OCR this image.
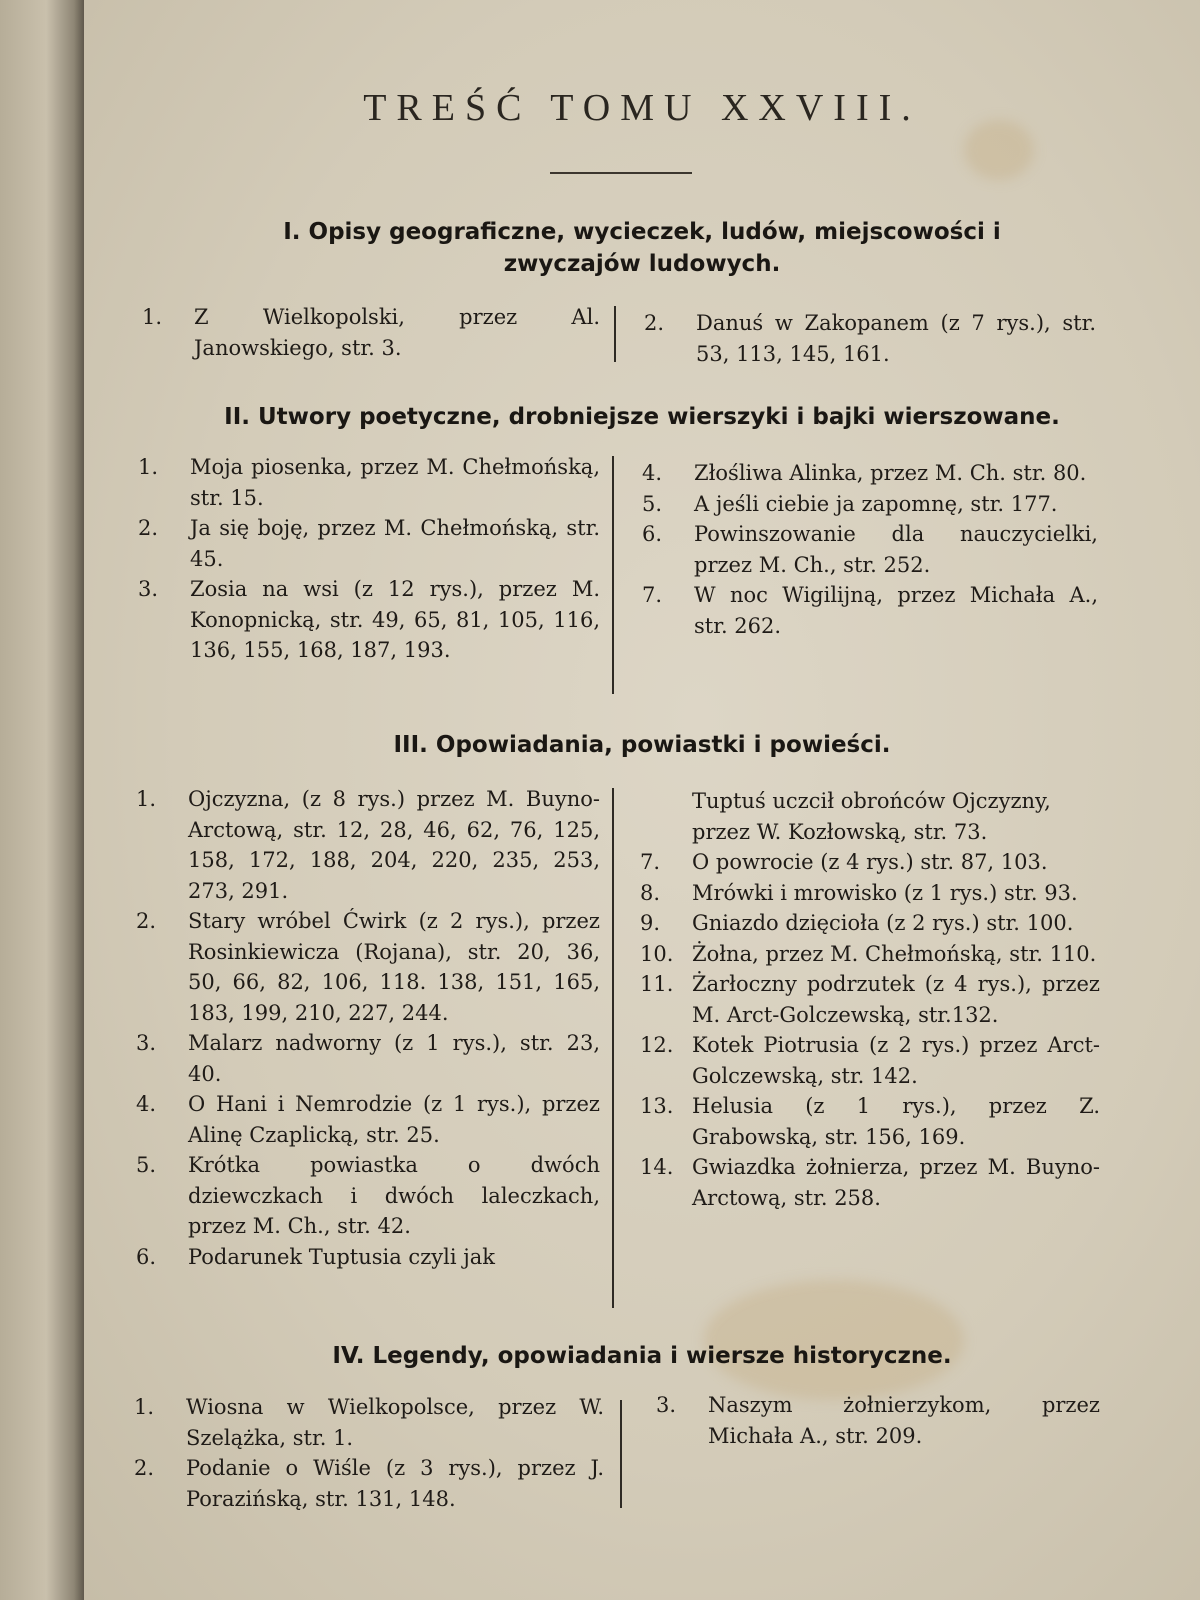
TREŚĆ TOMU XXVIII.
I. Opisy geograficzne, wycieczek, ludów, miejscowości i zwyczajów ludowych.
1.	Z Wielkopolski, przez Al. Janowskiego, str. 3.
2.	Danuś w Zakopanem (z 7 rys.), str. 53, 113, 145, 161.
II. Utwory poetyczne, drobniejsze wierszyki i bajki wierszowane.
1.	Moja piosenka, przez M. Chełmońską, str. 15.
2.	Ja się boję, przez M. Chełmońską, str. 45.
3.	Zosia na wsi (z 12 rys.), przez M. Konopnicką, str. 49, 65, 81, 105, 116, 136, 155, 168, 187, 193.
4.	Złośliwa Alinka, przez M. Ch. str. 80.
5.	A jeśli ciebie ja zapomnę, str. 177.
6.	Powinszowanie dla nauczycielki, przez M. Ch., str. 252.
7.	W noc Wigilijną, przez Michała A., str. 262.
III. Opowiadania, powiastki i powieści.
1.	Ojczyzna, (z 8 rys.) przez M. Buyno-Arctową, str. 12, 28, 46, 62, 76, 125, 158, 172, 188, 204, 220, 235, 253, 273, 291.
2.	Stary wróbel Ćwirk (z 2 rys.), przez Rosinkiewicza (Rojana), str. 20, 36, 50, 66, 82, 106, 118. 138, 151, 165, 183, 199, 210, 227, 244.
3.	Malarz nadworny (z 1 rys.), str. 23, 40.
4.	O Hani i Nemrodzie (z 1 rys.), przez Alinę Czaplicką, str. 25.
5.	Krótka powiastka o dwóch dziewczkach i dwóch laleczkach, przez M. Ch., str. 42.
6.	Podarunek Tuptusia czyli jak
Tuptuś uczcił obrońców Ojczyzny, przez W. Kozłowską, str. 73.
7.	O powrocie (z 4 rys.) str. 87, 103.
8.	Mrówki i mrowisko (z 1 rys.) str. 93.
9.	Gniazdo dzięcioła (z 2 rys.) str. 100.
10. Żołna, przez M. Chełmońską, str. 110.
11. Żarłoczny podrzutek (z 4 rys.), przez M. Arct-Golczewską, str.132.
12. Kotek Piotrusia (z 2 rys.) przez Arct-Golczewską, str. 142.
13. Helusia (z 1 rys.), przez Z. Grabowską, str. 156, 169.
14. Gwiazdka żołnierza, przez M. Buyno-Arctową, str. 258.
IV. Legendy, opowiadania i wiersze historyczne.
1.	Wiosna w Wielkopolsce, przez W. Szelążka, str. 1.
2.	Podanie o Wiśle (z 3 rys.), przez J. Porazińską, str. 131, 148.
3.	Naszym żołnierzykom, przez Michała A., str. 209.
